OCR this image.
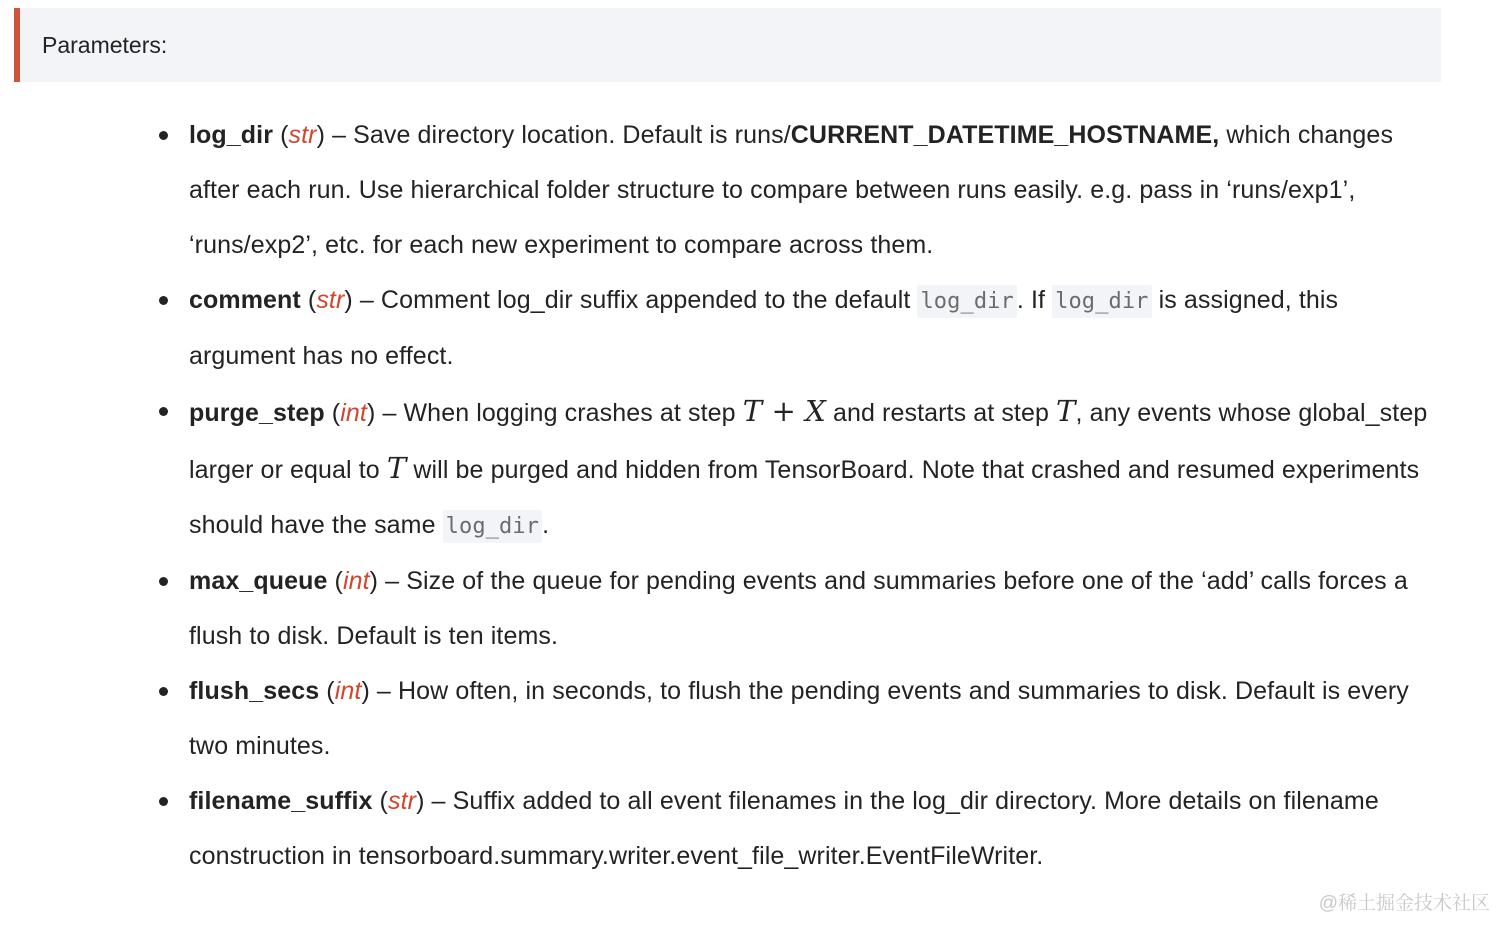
Parameters:
log_dir (str) – Save directory location. Default is runs/CURRENT_DATETIME_HOSTNAME, which changes after each run. Use hierarchical folder structure to compare between runs easily. e.g. pass in ‘runs/exp1’, ‘runs/exp2’, etc. for each new experiment to compare across them.
comment (str) – Comment log_dir suffix appended to the default log_dir . If log_dir is assigned, this argument has no effect.
purge_step (int) – When logging crashes at step T + X and restarts at step T, any events whose global_step larger or equal to T will be purged and hidden from TensorBoard. Note that crashed and resumed experiments should have the same log_dir .
max_queue (int) – Size of the queue for pending events and summaries before one of the ‘add’ calls forces a flush to disk. Default is ten items.
flush_secs (int) – How often, in seconds, to flush the pending events and summaries to disk. Default is every two minutes.
filename_suffix (str) – Suffix added to all event filenames in the log_dir directory. More details on filename construction in tensorboard.summary.writer.event_file_writer.EventFileWriter.
@稀土掘金技术社区
